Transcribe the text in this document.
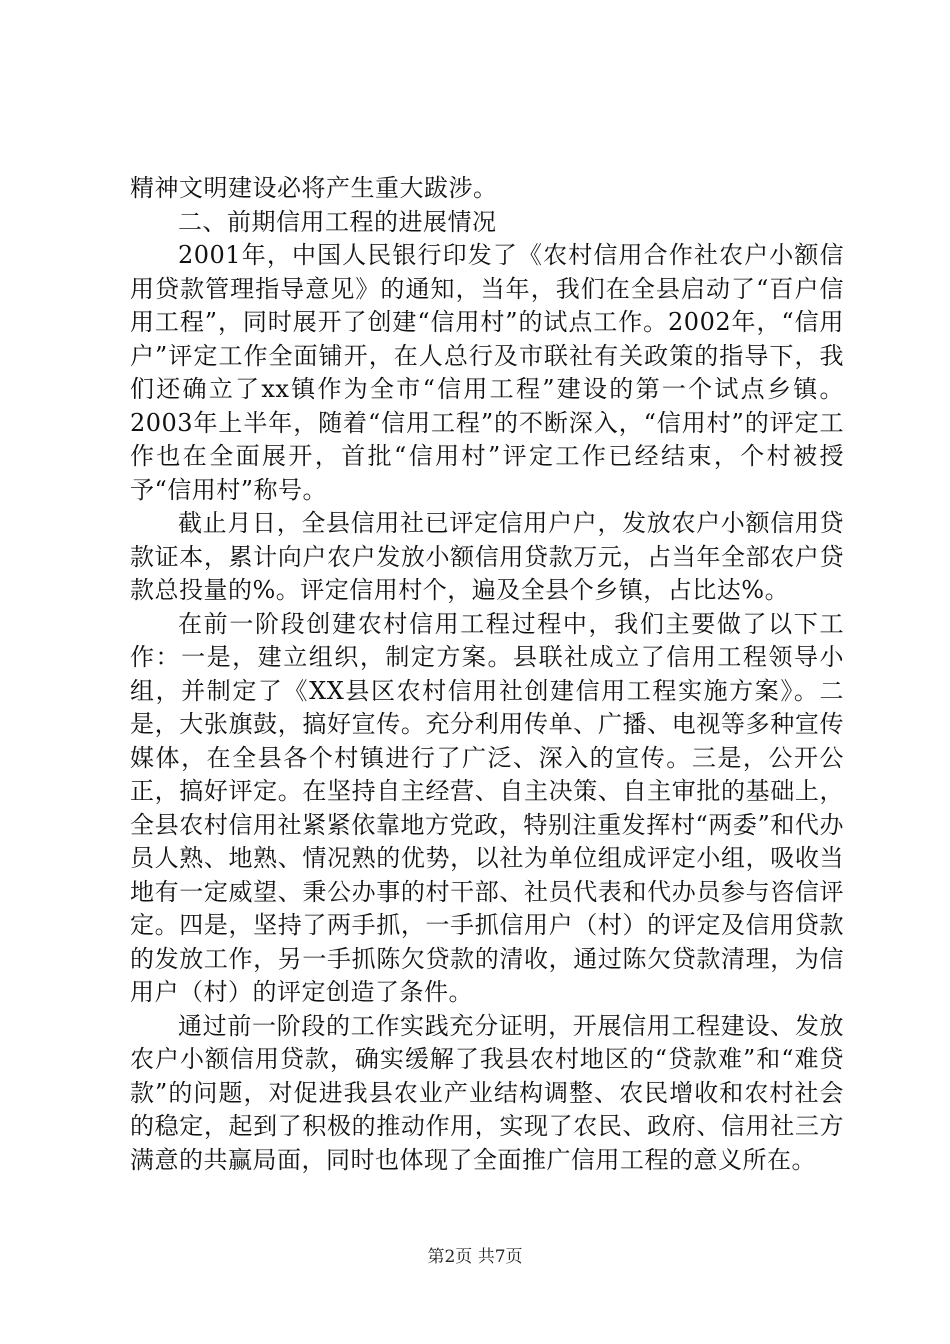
精神文明建设必将产生重大跋涉。

二、前期信用工程的进展情况

2001年，中国人民银行印发了《农村信用合作社农户小额信用贷款管理指导意见》的通知，当年，我们在全县启动了“百户信用工程”，同时展开了创建“信用村”的试点工作。2002年，“信用户”评定工作全面铺开，在人总行及市联社有关政策的指导下，我们还确立了xx镇作为全市“信用工程”建设的第一个试点乡镇。2003年上半年，随着“信用工程”的不断深入，“信用村”的评定工作也在全面展开，首批“信用村”评定工作已经结束，个村被授予“信用村”称号。

截止月日，全县信用社已评定信用户户，发放农户小额信用贷款证本，累计向户农户发放小额信用贷款万元，占当年全部农户贷款总投量的%。评定信用村个，遍及全县个乡镇，占比达%。

在前一阶段创建农村信用工程过程中，我们主要做了以下工作：一是，建立组织，制定方案。县联社成立了信用工程领导小组，并制定了《XX县区农村信用社创建信用工程实施方案》。二是，大张旗鼓，搞好宣传。充分利用传单、广播、电视等多种宣传媒体，在全县各个村镇进行了广泛、深入的宣传。三是，公开公正，搞好评定。在坚持自主经营、自主决策、自主审批的基础上，全县农村信用社紧紧依靠地方党政，特别注重发挥村“两委”和代办员人熟、地熟、情况熟的优势，以社为单位组成评定小组，吸收当地有一定威望、秉公办事的村干部、社员代表和代办员参与咨信评定。四是，坚持了两手抓，一手抓信用户（村）的评定及信用贷款的发放工作，另一手抓陈欠贷款的清收，通过陈欠贷款清理，为信用户（村）的评定创造了条件。

通过前一阶段的工作实践充分证明，开展信用工程建设、发放农户小额信用贷款，确实缓解了我县农村地区的“贷款难”和“难贷款”的问题，对促进我县农业产业结构调整、农民增收和农村社会的稳定，起到了积极的推动作用，实现了农民、政府、信用社三方满意的共赢局面，同时也体现了全面推广信用工程的意义所在。

第2页 共7页
